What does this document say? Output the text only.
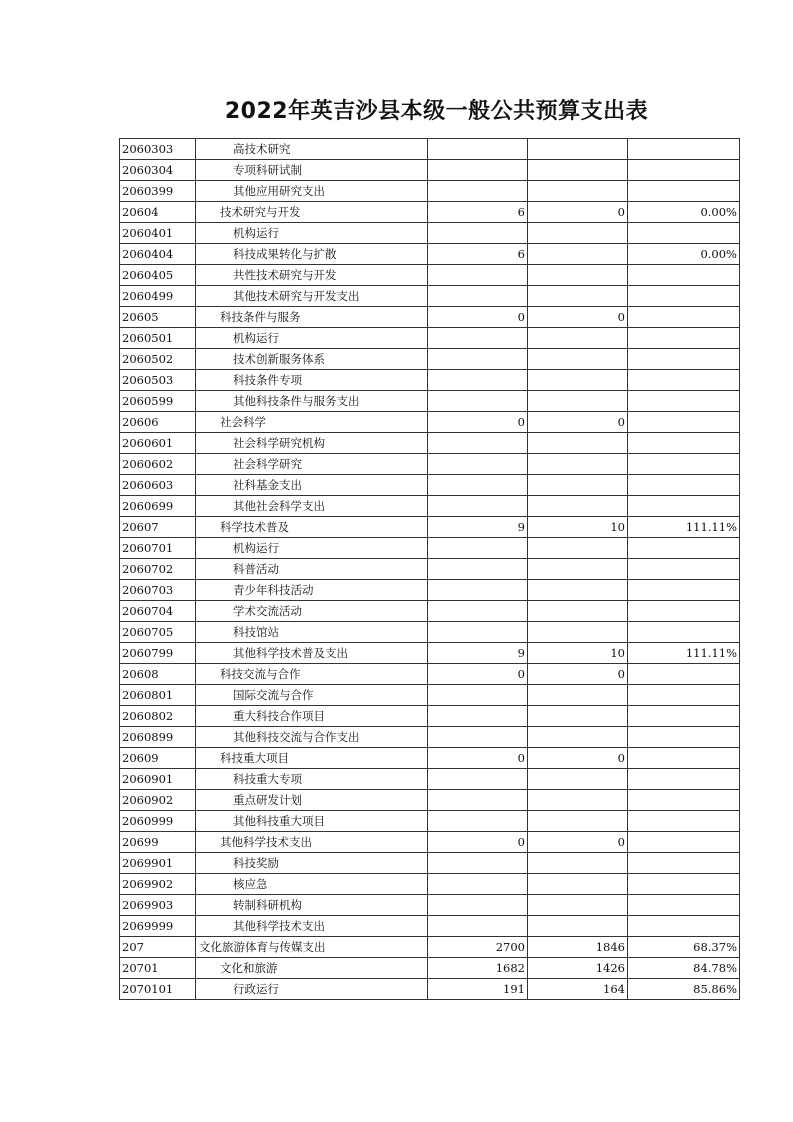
2022年英吉沙县本级一般公共预算支出表
2060303	高技术研究			
2060304	专项科研试制			
2060399	其他应用研究支出			
20604	技术研究与开发	6	0	0.00%
2060401	机构运行			
2060404	科技成果转化与扩散	6		0.00%
2060405	共性技术研究与开发			
2060499	其他技术研究与开发支出			
20605	科技条件与服务	0	0	
2060501	机构运行			
2060502	技术创新服务体系			
2060503	科技条件专项			
2060599	其他科技条件与服务支出			
20606	社会科学	0	0	
2060601	社会科学研究机构			
2060602	社会科学研究			
2060603	社科基金支出			
2060699	其他社会科学支出			
20607	科学技术普及	9	10	111.11%
2060701	机构运行			
2060702	科普活动			
2060703	青少年科技活动			
2060704	学术交流活动			
2060705	科技馆站			
2060799	其他科学技术普及支出	9	10	111.11%
20608	科技交流与合作	0	0	
2060801	国际交流与合作			
2060802	重大科技合作项目			
2060899	其他科技交流与合作支出			
20609	科技重大项目	0	0	
2060901	科技重大专项			
2060902	重点研发计划			
2060999	其他科技重大项目			
20699	其他科学技术支出	0	0	
2069901	科技奖励			
2069902	核应急			
2069903	转制科研机构			
2069999	其他科学技术支出			
207	文化旅游体育与传媒支出	2700	1846	68.37%
20701	文化和旅游	1682	1426	84.78%
2070101	行政运行	191	164	85.86%
